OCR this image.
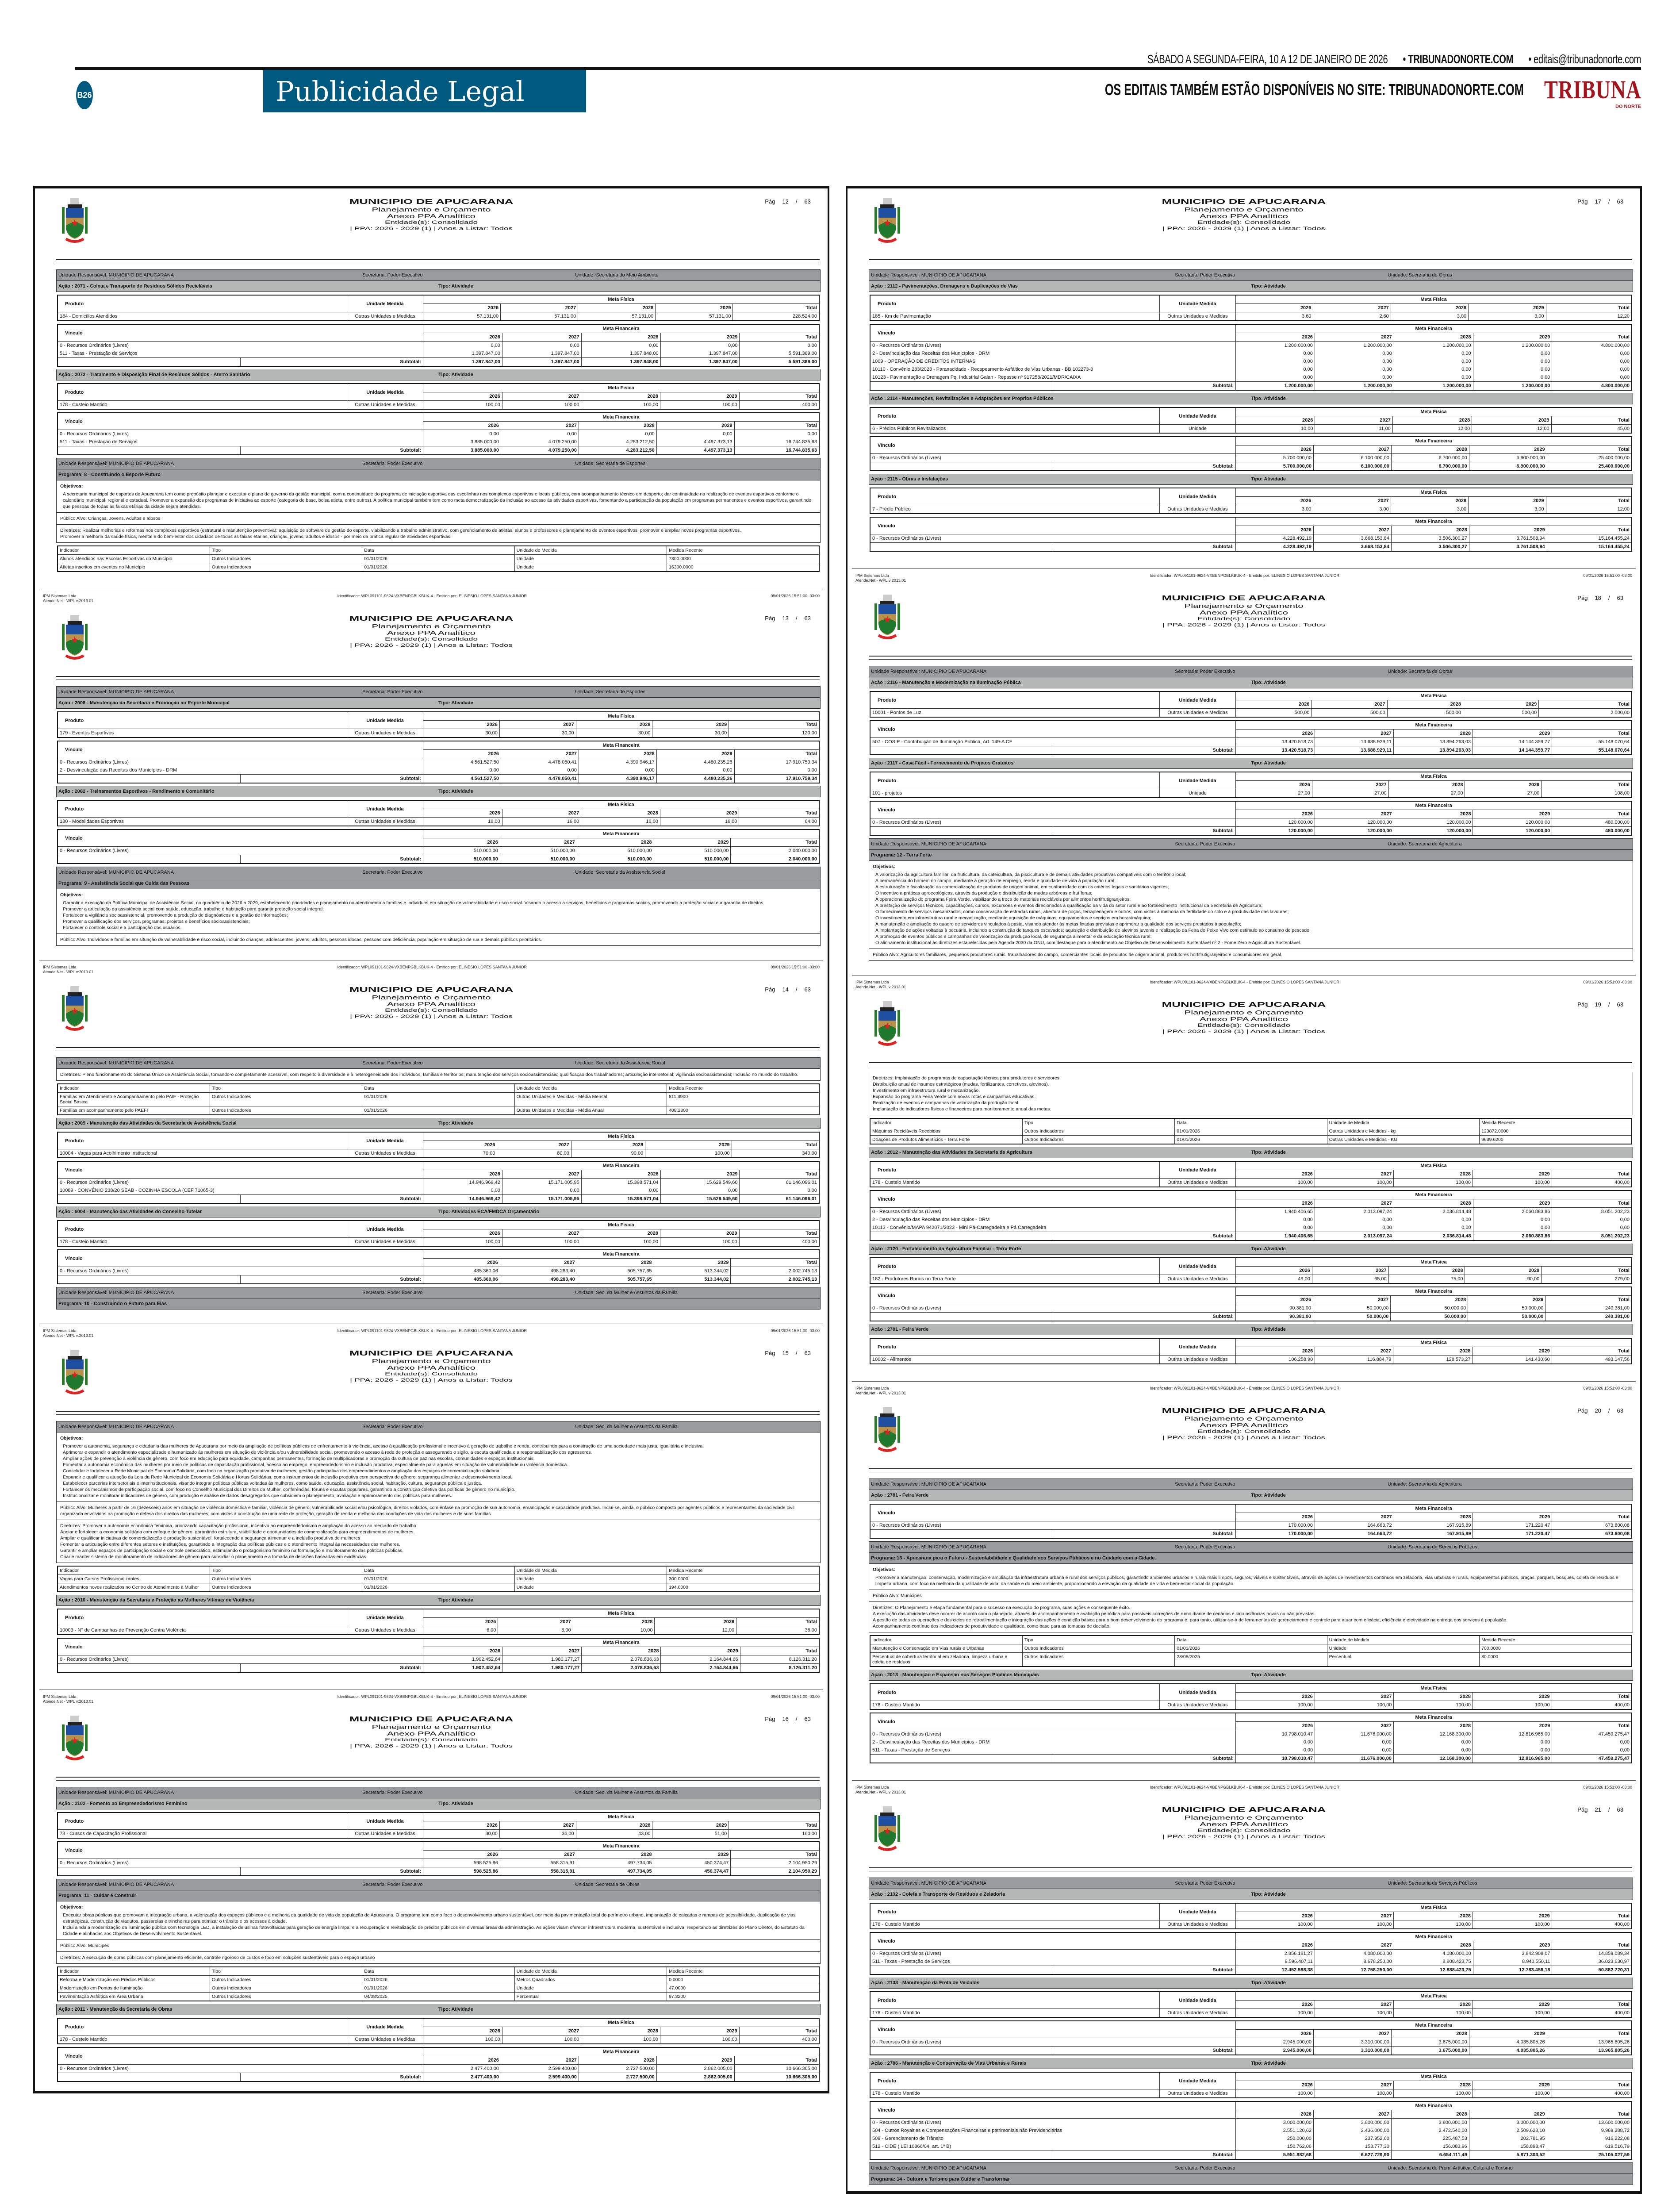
SÁBADO A SEGUNDA-FEIRA, 10 A 12 DE JANEIRO DE 2026 • TRIBUNADONORTE.COM • editais@tribunadonorte.com
B26	Publicidade Legal	OS EDITAIS TAMBÉM ESTÃO DISPONÍVEIS NO SITE: TRIBUNADONORTE.COM TRIBUNA
DO NORTE
MUNICIPIO DE APUCARANA
Planejamento e Orçamento
Anexo PPA Analítico
Entidade(s): Consolidado
| PPA: 2026 - 2029 (1) | Anos a Listar: Todos
Pág 12 / 63
Unidade Responsável: MUNICIPIO DE APUCARANA	Secretaria: Poder Executivo	Unidade: Secretaria do Meio Ambiente
Ação : 2071 - Coleta e Transporte de Residuos Sólidos Recicláveis	Tipo: Atividade
Produto	Unidade Medida	Meta Física				
		2026	2027	2028	2029	Total
184 - Domicílios Atendidos	Outras Unidades e Medidas	57.131,00	57.131,00	57.131,00	57.131,00	228.524,00
Vínculo		Meta Financeira				
		2026	2027	2028	2029	Total
0 - Recursos Ordinários (Livres)		0,00	0,00	0,00	0,00	0,00
511 - Taxas - Prestação de Serviços		1.397.847,00	1.397.847,00	1.397.848,00	1.397.847,00	5.591.389,00
	Subtotal:	1.397.847,00	1.397.847,00	1.397.848,00	1.397.847,00	5.591.389,00
Ação : 2072 - Tratamento e Disposição Final de Resíduos Sólidos - Aterro Sanitário	Tipo: Atividade
Produto	Unidade Medida	Meta Física				
		2026	2027	2028	2029	Total
178 - Custeio Mantido	Outras Unidades e Medidas	100,00	100,00	100,00	100,00	400,00
Vínculo		Meta Financeira				
		2026	2027	2028	2029	Total
0 - Recursos Ordinários (Livres)		0,00	0,00	0,00	0,00	0,00
511 - Taxas - Prestação de Serviços		3.885.000,00	4.079.250,00	4.283.212,50	4.497.373,13	16.744.835,63
	Subtotal:	3.885.000,00	4.079.250,00	4.283.212,50	4.497.373,13	16.744.835,63
Unidade Responsável: MUNICIPIO DE APUCARANA	Secretaria: Poder Executivo	Unidade: Secretaria de Esportes
Programa: 8 - Construindo o Esporte Futuro
Objetivos:

A secretaria municipal de esportes de Apucarana tem como propósito planejar e executar o plano de governo da gestão municipal, com a continuidade do programa de iniciação esportiva das escolinhas nos complexos esportivos e locais públicos, com acompanhamento técnico em desporto; dar continuidade na realização de eventos esportivos conforme o calendário municipal, regional e estadual. Promover a expansão dos programas de iniciativa ao esporte (categoria de base, bolsa atleta, entre outros). A política municipal também tem como meta democratização da inclusão ao acesso às atividades esportivas, fomentando a participação da população em programas permanentes e eventos esportivos, garantindo que pessoas de todas as faixas etárias da cidade sejam atendidas.

Público Alvo: Crianças, Jovens, Adultos e Idosos
Diretrizes: Realizar melhorias e reformas nos complexos esportivos (estrutural e manutenção preventiva); aquisição de software de gestão do esporte, viabilizando a trabalho administrativo, com gerenciamento de atletas, alunos e professores e planejamento de eventos esportivos; promover e ampliar novos programas esportivos.
Promover a melhoria da saúde física, mental e do bem-estar dos cidadãos de todas as faixas etárias, crianças, jovens, adultos e idosos - por meio da prática regular de atividades esportivas.
Indicador	Tipo	Data	Unidade de Medida	Medida Recente
Alunos atendidos nas Escolas Esportivas do Município	Outros Indicadores	01/01/2026	Unidade	7300.0000
Atletas inscritos em eventos no Município	Outros Indicadores	01/01/2026	Unidade	16300.0000
IPM Sistemas Ltda
Atende.Net - WPL v:2013.01
Identificador: WPL091101-9624-VXBENPGBLKBUK-4 - Emitido por: ELINESIO LOPES SANTANA JUNIOR	09/01/2026 15:51:00 -03:00
MUNICIPIO DE APUCARANA
Planejamento e Orçamento
Anexo PPA Analítico
Entidade(s): Consolidado
| PPA: 2026 - 2029 (1) | Anos a Listar: Todos
Pág 13 / 63
Unidade Responsável: MUNICIPIO DE APUCARANA	Secretaria: Poder Executivo	Unidade: Secretaria de Esportes
Ação : 2008 - Manutenção da Secretaria e Promoção ao Esporte Municipal	Tipo: Atividade
Produto	Unidade Medida	Meta Física				
		2026	2027	2028	2029	Total
179 - Eventos Esportivos	Outras Unidades e Medidas	30,00	30,00	30,00	30,00	120,00
Vínculo		Meta Financeira				
		2026	2027	2028	2029	Total
0 - Recursos Ordinários (Livres)		4.561.527,50	4.478.050,41	4.390.946,17	4.480.235,26	17.910.759,34
2 - Desvinculação das Receitas dos Municípios - DRM		0,00	0,00	0,00	0,00	0,00
	Subtotal:	4.561.527,50	4.478.050,41	4.390.946,17	4.480.235,26	17.910.759,34
Ação : 2082 - Treinamentos Esportivos - Rendimento e Comunitário	Tipo: Atividade
Produto	Unidade Medida	Meta Física				
		2026	2027	2028	2029	Total
180 - Modalidades Esportivas	Outras Unidades e Medidas	16,00	16,00	16,00	16,00	64,00
Vínculo		Meta Financeira				
		2026	2027	2028	2029	Total
0 - Recursos Ordinários (Livres)		510.000,00	510.000,00	510.000,00	510.000,00	2.040.000,00
	Subtotal:	510.000,00	510.000,00	510.000,00	510.000,00	2.040.000,00
Unidade Responsável: MUNICIPIO DE APUCARANA	Secretaria: Poder Executivo	Unidade: Secretaria da Assistencia Social
Programa: 9 - Assistência Social que Cuida das Pessoas
Objetivos:

Garantir a execução da Política Municipal de Assistência Social, no quadriênio de 2026 a 2029, estabelecendo prioridades e planejamento no atendimento a famílias e indivíduos em situação de vulnerabilidade e risco social. Visando o acesso a serviços, benefícios e programas sociais, promovendo a proteção social e a garantia de direitos.

Promover a articulação da assistência social com saúde, educação, trabalho e habitação para garantir proteção social integral;

Fortalecer a vigilância socioassistencial, promovendo a produção de diagnósticos e a gestão de informações;

Promover a qualificação dos serviços, programas, projetos e benefícios socioassistenciais;

Fortalecer o controle social e a participação dos usuários.

Público Alvo: Indivíduos e famílias em situação de vulnerabilidade e risco social, incluindo crianças, adolescentes, jovens, adultos, pessoas idosas, pessoas com deficiência, população em situação de rua e demais públicos prioritários.
IPM Sistemas Ltda
Atende.Net - WPL v:2013.01
Identificador: WPL091101-9624-VXBENPGBLKBUK-4 - Emitido por: ELINESIO LOPES SANTANA JUNIOR	09/01/2026 15:51:00 -03:00
MUNICIPIO DE APUCARANA
Planejamento e Orçamento
Anexo PPA Analítico
Entidade(s): Consolidado
| PPA: 2026 - 2029 (1) | Anos a Listar: Todos
Pág 14 / 63
Unidade Responsável: MUNICIPIO DE APUCARANA	Secretaria: Poder Executivo	Unidade: Secretaria da Assistencia Social
Diretrizes: Pleno funcionamento do Sistema Único de Assistência Social, tornando-o completamente acessível, com respeito à diversidade e à heterogeneidade dos indivíduos, famílias e territórios; manutenção dos serviços socioassistenciais; qualificação dos trabalhadores; articulação intersetorial; vigilância socioassistencial; inclusão no mundo do trabalho.
Indicador	Tipo	Data	Unidade de Medida	Medida Recente
Famílias em Atendimento e Acompanhamento pelo PAIF - Proteção Social Básica	Outros Indicadores	01/01/2026	Outras Unidades e Medidas - Média Mensal	811.3900
Famílias em acompanhamento pelo PAEFI	Outros Indicadores	01/01/2026	Outras Unidades e Medidas - Média Anual	408.2800
Ação : 2009 - Manutenção das Atividades da Secretaria de Assistência Social	Tipo: Atividade
Produto	Unidade Medida	Meta Física				
		2026	2027	2028	2029	Total
10004 - Vagas para Acolhimento Institucional	Outras Unidades e Medidas	70,00	80,00	90,00	100,00	340,00
Vínculo		Meta Financeira				
		2026	2027	2028	2029	Total
0 - Recursos Ordinários (Livres)		14.946.969,42	15.171.005,95	15.398.571,04	15.629.549,60	61.146.096,01
10089 - CONVÊNIO 238/20 SEAB - COZINHA ESCOLA (CEF 71065-3)		0,00	0,00	0,00	0,00	0,00
	Subtotal:	14.946.969,42	15.171.005,95	15.398.571,04	15.629.549,60	61.146.096,01
Ação : 6004 - Manutenção das Atividades do Conselho Tutelar	Tipo: Atividades ECA/FMDCA Orçamentário
Produto	Unidade Medida	Meta Física				
		2026	2027	2028	2029	Total
178 - Custeio Mantido	Outras Unidades e Medidas	100,00	100,00	100,00	100,00	400,00
Vínculo		Meta Financeira				
		2026	2027	2028	2029	Total
0 - Recursos Ordinários (Livres)		485.360,06	498.283,40	505.757,65	513.344,02	2.002.745,13
	Subtotal:	485.360,06	498.283,40	505.757,65	513.344,02	2.002.745,13
Unidade Responsável: MUNICIPIO DE APUCARANA	Secretaria: Poder Executivo	Unidade: Sec. da Mulher e Assuntos da Familia
Programa: 10 - Construindo o Futuro para Elas
IPM Sistemas Ltda
Atende.Net - WPL v:2013.01
Identificador: WPL091101-9624-VXBENPGBLKBUK-4 - Emitido por: ELINESIO LOPES SANTANA JUNIOR	09/01/2026 15:51:00 -03:00
MUNICIPIO DE APUCARANA
Planejamento e Orçamento
Anexo PPA Analítico
Entidade(s): Consolidado
| PPA: 2026 - 2029 (1) | Anos a Listar: Todos
Pág 15 / 63
Unidade Responsável: MUNICIPIO DE APUCARANA	Secretaria: Poder Executivo	Unidade: Sec. da Mulher e Assuntos da Familia
Objetivos:

Promover a autonomia, segurança e cidadania das mulheres de Apucarana por meio da ampliação de políticas públicas de enfrentamento à violência, acesso à qualificação profissional e incentivo à geração de trabalho e renda, contribuindo para a construção de uma sociedade mais justa, igualitária e inclusiva.

Aprimorar e expandir o atendimento especializado e humanizado às mulheres em situação de violência e/ou vulnerabilidade social, promovendo o acesso à rede de proteção e assegurando o sigilo, a escuta qualificada e a responsabilização dos agressores.

Ampliar ações de prevenção à violência de gênero, com foco em educação para equidade, campanhas permanentes, formação de multiplicadoras e promoção da cultura de paz nas escolas, comunidades e espaços institucionais.

Fomentar a autonomia econômica das mulheres por meio de políticas de capacitação profissional, acesso ao emprego, empreendedorismo e inclusão produtiva, especialmente para aquelas em situação de vulnerabilidade ou violência doméstica.

Consolidar e fortalecer a Rede Municipal de Economia Solidária, com foco na organização produtiva de mulheres, gestão participativa dos empreendimentos e ampliação dos espaços de comercialização solidária.

Expandir e qualificar a atuação da Loja da Rede Municipal de Economia Solidária e Hortas Solidárias, como instrumentos de inclusão produtiva com perspectiva de gênero, segurança alimentar e desenvolvimento local.

Estabelecer parcerias intersetoriais e interinstitucionais, visando integrar políticas públicas voltadas às mulheres, como saúde, educação, assistência social, habitação, cultura, segurança pública e justiça.

Fortalecer os mecanismos de participação social, com foco no Conselho Municipal dos Direitos da Mulher, conferências, fóruns e escutas populares, garantindo a construção coletiva das políticas de gênero no município.

Institucionalizar e monitorar indicadores de gênero, com produção e análise de dados desagregados que subsidiem o planejamento, avaliação e aprimoramento das políticas para mulheres.

Público Alvo: Mulheres a partir de 16 (dezesseis) anos em situação de violência doméstica e familiar, violência de gênero, vulnerabilidade social e/ou psicológica, direitos violados, com ênfase na promoção de sua autonomia, emancipação e capacidade produtiva. Inclui-se, ainda, o público composto por agentes públicos e representantes da sociedade civil organizada envolvidos na promoção e defesa dos direitos das mulheres, com vistas à construção de uma rede de proteção, geração de renda e melhoria das condições de vida das mulheres e de suas famílias.
Diretrizes: Promover a autonomia econômica feminina, priorizando capacitação profissional, incentivo ao empreendedorismo e ampliação do acesso ao mercado de trabalho.
Apoiar e fortalecer a economia solidária com enfoque de gênero, garantindo estrutura, visibilidade e oportunidades de comercialização para empreendimentos de mulheres.
Ampliar e qualificar iniciativas de comercialização e produção sustentável, fortalecendo a segurança alimentar e a inclusão produtiva de mulheres
Fomentar a articulação entre diferentes setores e instituições, garantindo a integração das políticas públicas e o atendimento integral às necessidades das mulheres.
Garantir e ampliar espaços de participação social e controle democrático, estimulando o protagonismo feminino na formulação e monitoramento das políticas públicas.
Criar e manter sistema de monitoramento de indicadores de gênero para subsidiar o planejamento e a tomada de decisões baseadas em evidências
Indicador	Tipo	Data	Unidade de Medida	Medida Recente
Vagas para Cursos Profissionalizantes	Outros Indicadores	01/01/2026	Unidade	300.0000
Atendimentos novos realizados no Centro de Atendimento à Mulher	Outros Indicadores	01/01/2026	Unidade	194.0000
Ação : 2010 - Manutenção da Secretaria e Proteção as Mulheres Vitimas de Violência	Tipo: Atividade
Produto	Unidade Medida	Meta Física				
		2026	2027	2028	2029	Total
10003 - N° de Campanhas de Prevenção Contra Violência	Outras Unidades e Medidas	6,00	8,00	10,00	12,00	36,00
Vínculo		Meta Financeira				
		2026	2027	2028	2029	Total
0 - Recursos Ordinários (Livres)		1.902.452,64	1.980.177,27	2.078.836,63	2.164.844,66	8.126.311,20
	Subtotal:	1.902.452,64	1.980.177,27	2.078.836,63	2.164.844,66	8.126.311,20
IPM Sistemas Ltda
Atende.Net - WPL v:2013.01
Identificador: WPL091101-9624-VXBENPGBLKBUK-4 - Emitido por: ELINESIO LOPES SANTANA JUNIOR	09/01/2026 15:51:00 -03:00
MUNICIPIO DE APUCARANA
Planejamento e Orçamento
Anexo PPA Analítico
Entidade(s): Consolidado
| PPA: 2026 - 2029 (1) | Anos a Listar: Todos
Pág 16 / 63
Unidade Responsável: MUNICIPIO DE APUCARANA	Secretaria: Poder Executivo	Unidade: Sec. da Mulher e Assuntos da Familia
Ação : 2102 - Fomento ao Empreendedorismo Feminino	Tipo: Atividade
Produto	Unidade Medida	Meta Física				
		2026	2027	2028	2029	Total
78 - Cursos de Capacitação Profissional	Outras Unidades e Medidas	30,00	36,00	43,00	51,00	160,00
Vínculo		Meta Financeira				
		2026	2027	2028	2029	Total
0 - Recursos Ordinários (Livres)		598.525,86	558.315,91	497.734,05	450.374,47	2.104.950,29
	Subtotal:	598.525,86	558.315,91	497.734,05	450.374,47	2.104.950,29
Unidade Responsável: MUNICIPIO DE APUCARANA	Secretaria: Poder Executivo	Unidade: Secretaria de Obras
Programa: 11 - Cuidar é Construir
Objetivos:

Executar obras públicas que promovam a integração urbana, a valorização dos espaços públicos e a melhoria da qualidade de vida da população de Apucarana. O programa tem como foco o desenvolvimento urbano sustentável, por meio da pavimentação total do perímetro urbano, implantação de calçadas e rampas de acessibilidade, duplicação de vias estratégicas, construção de viadutos, passarelas e trincheiras para otimizar o trânsito e os acessos à cidade.

Inclui ainda a modernização da iluminação pública com tecnologia LED, a instalação de usinas fotovoltaicas para geração de energia limpa, e a recuperação e revitalização de prédios públicos em diversas áreas da administração. As ações visam oferecer infraestrutura moderna, sustentável e inclusiva, respeitando as diretrizes do Plano Diretor, do Estatuto da Cidade e alinhadas aos Objetivos de Desenvolvimento Sustentável.

Público Alvo: Munícipes
Diretrizes: A execução de obras públicas com planejamento eficiente, controle rigoroso de custos e foco em soluções sustentáveis para o espaço urbano
Indicador	Tipo	Data	Unidade de Medida	Medida Recente
Reforma e Modernização em Prédios Públicos	Outros Indicadores	01/01/2026	Metros Quadrados	0.0000
Modernização em Pontos de Iluminação	Outros Indicadores	01/01/2026	Unidade	47.0000
Pavimentação Asfáltica em Área Urbana	Outros Indicadores	04/08/2025	Percentual	97.3200
Ação : 2011 - Manutenção da Secretaria de Obras	Tipo: Atividade
Produto	Unidade Medida	Meta Física				
		2026	2027	2028	2029	Total
178 - Custeio Mantido	Outras Unidades e Medidas	100,00	100,00	100,00	100,00	400,00
Vínculo		Meta Financeira				
		2026	2027	2028	2029	Total
0 - Recursos Ordinários (Livres)		2.477.400,00	2.599.400,00	2.727.500,00	2.862.005,00	10.666.305,00
	Subtotal:	2.477.400,00	2.599.400,00	2.727.500,00	2.862.005,00	10.666.305,00
MUNICIPIO DE APUCARANA
Planejamento e Orçamento
Anexo PPA Analítico
Entidade(s): Consolidado
| PPA: 2026 - 2029 (1) | Anos a Listar: Todos
Pág 17 / 63
Unidade Responsável: MUNICIPIO DE APUCARANA	Secretaria: Poder Executivo	Unidade: Secretaria de Obras
Ação : 2112 - Pavimentações, Drenagens e Duplicações de Vias	Tipo: Atividade
Produto	Unidade Medida	Meta Física				
		2026	2027	2028	2029	Total
185 - Km de Pavimentação	Outras Unidades e Medidas	3,60	2,60	3,00	3,00	12,20
Vínculo		Meta Financeira				
		2026	2027	2028	2029	Total
0 - Recursos Ordinários (Livres)		1.200.000,00	1.200.000,00	1.200.000,00	1.200.000,00	4.800.000,00
2 - Desvinculação das Receitas dos Municípios - DRM		0,00	0,00	0,00	0,00	0,00
1009 - OPERAÇÃO DE CREDITOS INTERNAS		0,00	0,00	0,00	0,00	0,00
10110 - Convênio 283/2023 - Paranacidade - Recapeamento Asfáltico de Vias Urbanas - BB 102273-3		0,00	0,00	0,00	0,00	0,00
10123 - Pavimentação e Drenagem Pq. Industrial Galan - Repasse nº 917258/2021/MDR/CAIXA		0,00	0,00	0,00	0,00	0,00
	Subtotal:	1.200.000,00	1.200.000,00	1.200.000,00	1.200.000,00	4.800.000,00
Ação : 2114 - Manutenções, Revitalizações e Adaptações em Proprios Públicos	Tipo: Atividade
Produto	Unidade Medida	Meta Física				
		2026	2027	2028	2029	Total
6 - Prédios Públicos Revitalizados	Unidade	10,00	11,00	12,00	12,00	45,00
Vínculo		Meta Financeira				
		2026	2027	2028	2029	Total
0 - Recursos Ordinários (Livres)		5.700.000,00	6.100.000,00	6.700.000,00	6.900.000,00	25.400.000,00
	Subtotal:	5.700.000,00	6.100.000,00	6.700.000,00	6.900.000,00	25.400.000,00
Ação : 2115 - Obras e Instalações	Tipo: Atividade
Produto	Unidade Medida	Meta Física				
		2026	2027	2028	2029	Total
7 - Prédio Público	Outras Unidades e Medidas	3,00	3,00	3,00	3,00	12,00
Vínculo		Meta Financeira				
		2026	2027	2028	2029	Total
0 - Recursos Ordinários (Livres)		4.228.492,19	3.668.153,84	3.506.300,27	3.761.508,94	15.164.455,24
	Subtotal:	4.228.492,19	3.668.153,84	3.506.300,27	3.761.508,94	15.164.455,24
IPM Sistemas Ltda
Atende.Net - WPL v:2013.01
Identificador: WPL091101-9624-VXBENPGBLKBUK-4 - Emitido por: ELINESIO LOPES SANTANA JUNIOR	09/01/2026 15:51:00 -03:00
MUNICIPIO DE APUCARANA
Planejamento e Orçamento
Anexo PPA Analítico
Entidade(s): Consolidado
| PPA: 2026 - 2029 (1) | Anos a Listar: Todos
Pág 18 / 63
Unidade Responsável: MUNICIPIO DE APUCARANA	Secretaria: Poder Executivo	Unidade: Secretaria de Obras
Ação : 2116 - Manutenção e Modernização na Iluminação Pública	Tipo: Atividade
Produto	Unidade Medida	Meta Física				
		2026	2027	2028	2029	Total
10001 - Pontos de Luz	Outras Unidades e Medidas	500,00	500,00	500,00	500,00	2.000,00
Vínculo		Meta Financeira				
		2026	2027	2028	2029	Total
507 - COSIP - Contribuição de Iluminação Pública, Art. 149-A CF		13.420.518,73	13.688.929,11	13.894.263,03	14.144.359,77	55.148.070,64
	Subtotal:	13.420.518,73	13.688.929,11	13.894.263,03	14.144.359,77	55.148.070,64
Ação : 2117 - Casa Fácil - Fornecimento de Projetos Gratuitos	Tipo: Atividade
Produto	Unidade Medida	Meta Física				
		2026	2027	2028	2029	Total
101 - projetos	Unidade	27,00	27,00	27,00	27,00	108,00
Vínculo		Meta Financeira				
		2026	2027	2028	2029	Total
0 - Recursos Ordinários (Livres)		120.000,00	120.000,00	120.000,00	120.000,00	480.000,00
	Subtotal:	120.000,00	120.000,00	120.000,00	120.000,00	480.000,00
Unidade Responsável: MUNICIPIO DE APUCARANA	Secretaria: Poder Executivo	Unidade: Secretaria de Agricultura
Programa: 12 - Terra Forte
Objetivos:

A valorização da agricultura familiar, da fruticultura, da cafeicultura, da piscicultura e de demais atividades produtivas compatíveis com o território local;

A permanência do homem no campo, mediante a geração de emprego, renda e qualidade de vida à população rural;

A estruturação e fiscalização da comercialização de produtos de origem animal, em conformidade com os critérios legais e sanitários vigentes;

O incentivo a práticas agroecológicas, através da produção e distribuição de mudas arbóreas e frutíferas;

A operacionalização do programa Feira Verde, viabilizando a troca de materiais recicláveis por alimentos hortifrutigranjeiros;

A prestação de serviços técnicos, capacitações, cursos, excursões e eventos direcionados à qualificação da vida do setor rural e ao fortalecimento institucional da Secretaria de Agricultura;

O fornecimento de serviços mecanizados, como conservação de estradas rurais, abertura de poços, terraplenagem e outros, com vistas à melhoria da fertilidade do solo e à produtividade das lavouras;

O investimento em infraestrutura rural e mecanização, mediante aquisição de máquinas, equipamentos e serviços em horas/máquina;

A manutenção e ampliação do quadro de servidores vinculados à pasta, visando atender às metas fixadas previstas e aprimorar a qualidade dos serviços prestados à população;

A implantação de ações voltadas à pecuária, incluindo a construção de tanques escavados; aquisição e distribuição de alevinos juvenis e realização da Feira do Peixe Vivo com estímulo ao consumo de pescado;

A promoção de eventos públicos e campanhas de valorização da produção local, de segurança alimentar e da educação técnica rural;

O alinhamento institucional às diretrizes estabelecidas pela Agenda 2030 da ONU, com destaque para o atendimento ao Objetivo de Desenvolvimento Sustentável nº 2 - Fome Zero e Agricultura Sustentável.

Público Alvo: Agricultores familiares, pequenos produtores rurais, trabalhadores do campo, comerciantes locais de produtos de origem animal, produtores hortifrutigranjeiros e consumidores em geral.
IPM Sistemas Ltda
Atende.Net - WPL v:2013.01
Identificador: WPL091101-9624-VXBENPGBLKBUK-4 - Emitido por: ELINESIO LOPES SANTANA JUNIOR	09/01/2026 15:51:00 -03:00
MUNICIPIO DE APUCARANA
Planejamento e Orçamento
Anexo PPA Analítico
Entidade(s): Consolidado
| PPA: 2026 - 2029 (1) | Anos a Listar: Todos
Pág 19 / 63
Diretrizes: Implantação de programas de capacitação técnica para produtores e servidores.
Distribuição anual de insumos estratégicos (mudas, fertilizantes, corretivos, alevinos).
Investimento em infraestrutura rural e mecanização.
Expansão do programa Feira Verde com novas rotas e campanhas educativas.
Realização de eventos e campanhas de valorização da produção local.
Implantação de indicadores físicos e financeiros para monitoramento anual das metas.
Indicador	Tipo	Data	Unidade de Medida	Medida Recente
Máquinas Recicláveis Recebidos	Outros Indicadores	01/01/2026	Outras Unidades e Medidas - kg	123872.0000
Doações de Produtos Alimentícios - Terra Forte	Outros Indicadores	01/01/2026	Outras Unidades e Medidas - KG	9639.6200
Ação : 2012 - Manutenção das Atividades da Secretaria de Agricultura	Tipo: Atividade
Produto	Unidade Medida	Meta Física				
		2026	2027	2028	2029	Total
178 - Custeio Mantido	Outras Unidades e Medidas	100,00	100,00	100,00	100,00	400,00
Vínculo		Meta Financeira				
		2026	2027	2028	2029	Total
0 - Recursos Ordinários (Livres)		1.940.406,65	2.013.097,24	2.036.814,48	2.060.883,86	8.051.202,23
2 - Desvinculação das Receitas dos Municípios - DRM		0,00	0,00	0,00	0,00	0,00
10113 - Convênio/MAPA 942071/2023 - Mini Pá-Carregadeira e Pá Carregadeira		0,00	0,00	0,00	0,00	0,00
	Subtotal:	1.940.406,65	2.013.097,24	2.036.814,48	2.060.883,86	8.051.202,23
Ação : 2120 - Fortalecimento da Agricultura Familiar - Terra Forte	Tipo: Atividade
Produto	Unidade Medida	Meta Física				
		2026	2027	2028	2029	Total
182 - Produtores Rurais no Terra Forte	Outras Unidades e Medidas	49,00	65,00	75,00	90,00	279,00
Vínculo		Meta Financeira				
		2026	2027	2028	2029	Total
0 - Recursos Ordinários (Livres)		90.381,00	50.000,00	50.000,00	50.000,00	240.381,00
	Subtotal:	90.381,00	50.000,00	50.000,00	50.000,00	240.381,00
Ação : 2781 - Feira Verde	Tipo: Atividade
Produto	Unidade Medida	Meta Física				
		2026	2027	2028	2029	Total
10002 - Alimentos	Outras Unidades e Medidas	106.258,90	116.884,79	128.573,27	141.430,60	493.147,56
IPM Sistemas Ltda
Atende.Net - WPL v:2013.01
Identificador: WPL091101-9624-VXBENPGBLKBUK-4 - Emitido por: ELINESIO LOPES SANTANA JUNIOR	09/01/2026 15:51:00 -03:00
MUNICIPIO DE APUCARANA
Planejamento e Orçamento
Anexo PPA Analítico
Entidade(s): Consolidado
| PPA: 2026 - 2029 (1) | Anos a Listar: Todos
Pág 20 / 63
Unidade Responsável: MUNICIPIO DE APUCARANA	Secretaria: Poder Executivo	Unidade: Secretaria de Agricultura
Ação : 2781 - Feira Verde	Tipo: Atividade
Vínculo		Meta Financeira				
		2026	2027	2028	2029	Total
0 - Recursos Ordinários (Livres)		170.000,00	164.663,72	167.915,89	171.220,47	673.800,08
	Subtotal:	170.000,00	164.663,72	167.915,89	171.220,47	673.800,08
Unidade Responsável: MUNICIPIO DE APUCARANA	Secretaria: Poder Executivo	Unidade: Secretaria de Serviços Públicos
Programa: 13 - Apucarana para o Futuro - Sustentabilidade e Qualidade nos Serviços Públicos e no Cuidado com a Cidade.
Objetivos:

Promover a manutenção, conservação, modernização e ampliação da infraestrutura urbana e rural dos serviços públicos, garantindo ambientes urbanos e rurais mais limpos, seguros, viáveis e sustentáveis, através de ações de investimentos contínuos em zeladoria, vias urbanas e rurais, equipamentos públicos, praças, parques, bosques, coleta de resíduos e limpeza urbana, com foco na melhoria da qualidade de vida, da saúde e do meio ambiente, proporcionando a elevação da qualidade de vida e bem-estar social da população.

Público Alvo: Munícipes
Diretrizes: O Planejamento é etapa fundamental para o sucesso na execução do programa, suas ações e consequente êxito.
A execução das atividades deve ocorrer de acordo com o planejado, através de acompanhamento e avaliação periódica para possíveis correções de rumo diante de cenários e circunstâncias novas ou não previstas.
A gestão de todas as operações e dos ciclos de retroalimentação e integração das ações é condição básica para o bom desenvolvimento do programa e, para tanto, utilizar-se-á de ferramentas de gerenciamento e controle para atuar com eficácia, eficiência e efetividade na entrega dos serviços à população.
Acompanhamento contínuo dos indicadores de produtividade e qualidade, como base para as tomadas de decisão.
Indicador	Tipo	Data	Unidade de Medida	Medida Recente
Manutenção e Conservação em Vias rurais e Urbanas	Outros Indicadores	01/01/2026	Unidade	700.0000
Percentual de cobertura territorial em zeladoria, limpeza urbana e coleta de resíduos	Outros Indicadores	28/08/2025	Percentual	80.0000
Ação : 2013 - Manutenção e Expansão nos Serviços Públicos Municipais	Tipo: Atividade
Produto	Unidade Medida	Meta Física				
		2026	2027	2028	2029	Total
178 - Custeio Mantido	Outras Unidades e Medidas	100,00	100,00	100,00	100,00	400,00
Vínculo		Meta Financeira				
		2026	2027	2028	2029	Total
0 - Recursos Ordinários (Livres)		10.798.010,47	11.676.000,00	12.168.300,00	12.816.965,00	47.459.275,47
2 - Desvinculação das Receitas dos Municípios - DRM		0,00	0,00	0,00	0,00	0,00
511 - Taxas - Prestação de Serviços		0,00	0,00	0,00	0,00	0,00
	Subtotal:	10.798.010,47	11.676.000,00	12.168.300,00	12.816.965,00	47.459.275,47
IPM Sistemas Ltda
Atende.Net - WPL v:2013.01
Identificador: WPL091101-9624-VXBENPGBLKBUK-4 - Emitido por: ELINESIO LOPES SANTANA JUNIOR	09/01/2026 15:51:00 -03:00
MUNICIPIO DE APUCARANA
Planejamento e Orçamento
Anexo PPA Analítico
Entidade(s): Consolidado
| PPA: 2026 - 2029 (1) | Anos a Listar: Todos
Pág 21 / 63
Unidade Responsável: MUNICIPIO DE APUCARANA	Secretaria: Poder Executivo	Unidade: Secretaria de Serviços Públicos
Ação : 2132 - Coleta e Transporte de Resíduos e Zeladoria	Tipo: Atividade
Produto	Unidade Medida	Meta Física				
		2026	2027	2028	2029	Total
178 - Custeio Mantido	Outras Unidades e Medidas	100,00	100,00	100,00	100,00	400,00
Vínculo		Meta Financeira				
		2026	2027	2028	2029	Total
0 - Recursos Ordinários (Livres)		2.856.181,27	4.080.000,00	4.080.000,00	3.842.908,07	14.859.089,34
511 - Taxas - Prestação de Serviços		9.596.407,11	8.678.250,00	8.808.423,75	8.940.550,11	36.023.630,97
	Subtotal:	12.452.588,38	12.758.250,00	12.888.423,75	12.783.458,18	50.882.720,31
Ação : 2133 - Manutenção da Frota de Veículos	Tipo: Atividade
Produto	Unidade Medida	Meta Física				
		2026	2027	2028	2029	Total
178 - Custeio Mantido	Outras Unidades e Medidas	100,00	100,00	100,00	100,00	400,00
Vínculo		Meta Financeira				
		2026	2027	2028	2029	Total
0 - Recursos Ordinários (Livres)		2.945.000,00	3.310.000,00	3.675.000,00	4.035.805,26	13.965.805,26
	Subtotal:	2.945.000,00	3.310.000,00	3.675.000,00	4.035.805,26	13.965.805,26
Ação : 2786 - Manutenção e Conservação de Vias Urbanas e Rurais	Tipo: Atividade
Produto	Unidade Medida	Meta Física				
		2026	2027	2028	2029	Total
178 - Custeio Mantido	Outras Unidades e Medidas	100,00	100,00	100,00	100,00	400,00
Vínculo		Meta Financeira				
		2026	2027	2028	2029	Total
0 - Recursos Ordinários (Livres)		3.000.000,00	3.800.000,00	3.800.000,00	3.000.000,00	13.600.000,00
504 - Outros Royalties e Compensações Financeiras e patrimoniais não Previdenciárias		2.551.120,62	2.436.000,00	2.472.540,00	2.509.628,10	9.969.288,72
509 - Gerenciamento de Trânsito		250.000,00	237.952,60	225.487,53	202.781,95	916.222,08
512 - CIDE ( LEi 10866/04, art. 1º B)		150.762,06	153.777,30	156.083,96	158.893,47	619.516,79
	Subtotal:	5.951.882,68	6.627.729,90	6.654.111,49	5.871.303,52	25.105.027,59
Unidade Responsável: MUNICIPIO DE APUCARANA	Secretaria: Poder Executivo	Unidade: Secretaria de Prom. Artística, Cultural e Turismo
Programa: 14 - Cultura e Turismo para Cuidar e Transformar
